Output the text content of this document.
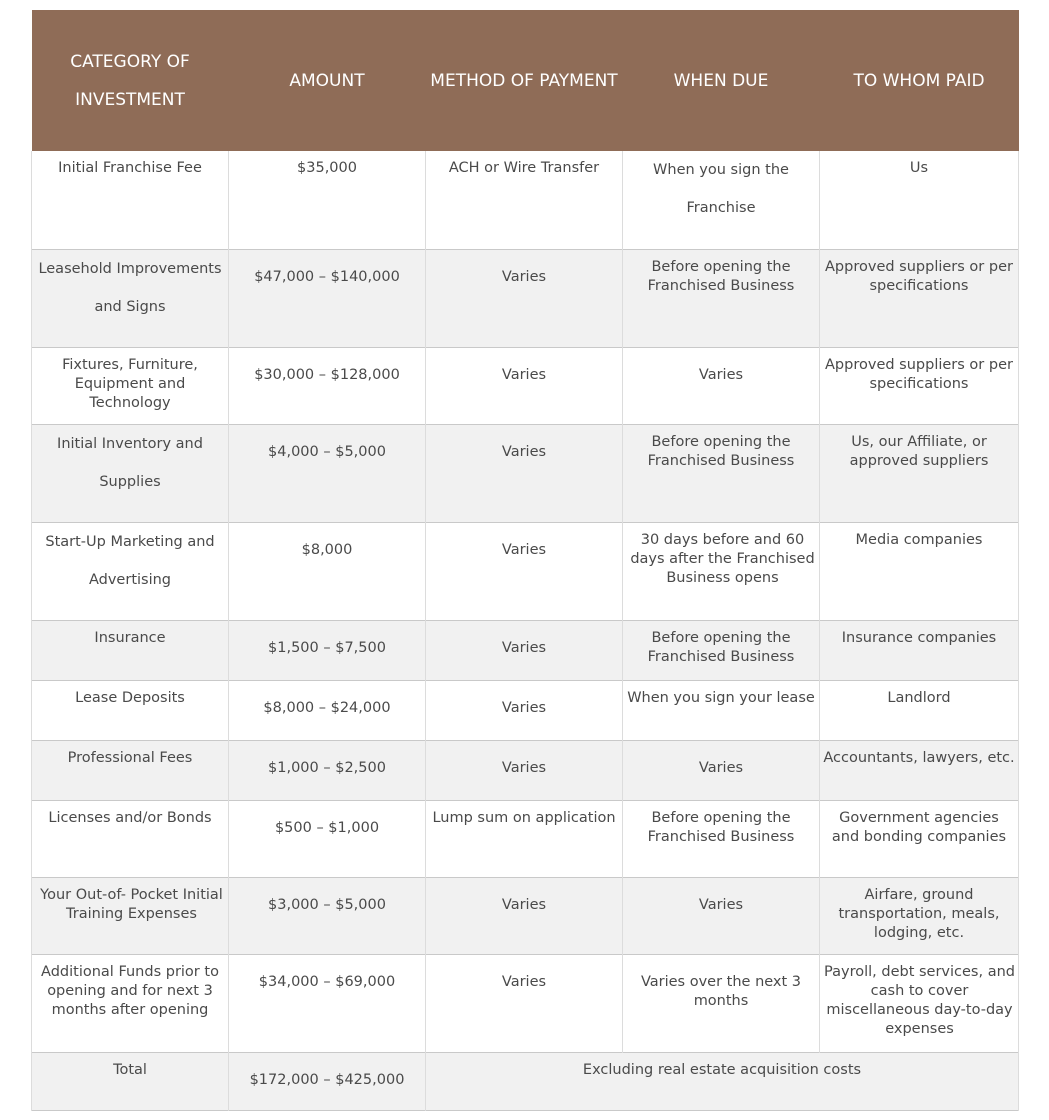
CATEGORY OF INVESTMENT	AMOUNT	METHOD OF PAYMENT	WHEN DUE	TO WHOM PAID
Initial Franchise Fee	$35,000	ACH or Wire Transfer	When you sign the Franchise	Us

Leasehold Improvements and Signs	$47,000 – $140,000	Varies	Before opening the Franchised Business	Approved suppliers or per specifications

Fixtures, Furniture, Equipment and Technology	$30,000 – $128,000	Varies	Varies	Approved suppliers or per specifications

Initial Inventory and Supplies	$4,000 – $5,000	Varies	Before opening the Franchised Business	Us, our Affiliate, or approved suppliers

Start-Up Marketing and Advertising	$8,000	Varies	30 days before and 60 days after the Franchised Business opens	Media companies
Insurance	$1,500 – $7,500	Varies	Before opening the Franchised Business	Insurance companies
Lease Deposits	$8,000 – $24,000	Varies	When you sign your lease	Landlord
Professional Fees	$1,000 – $2,500	Varies	Varies	Accountants, lawyers, etc.
Licenses and/or Bonds	$500 – $1,000	Lump sum on application	Before opening the Franchised Business	Government agencies and bonding companies

Your Out-of- Pocket Initial Training Expenses	$3,000 – $5,000	Varies	Varies	Airfare, ground transportation, meals, lodging, etc.

Additional Funds prior to opening and for next 3 months after opening	$34,000 – $69,000	Varies	Varies over the next 3 months	Payroll, debt services, and cash to cover miscellaneous day-to-day expenses

Total	$172,000 – $425,000	Excluding real estate acquisition costs		
